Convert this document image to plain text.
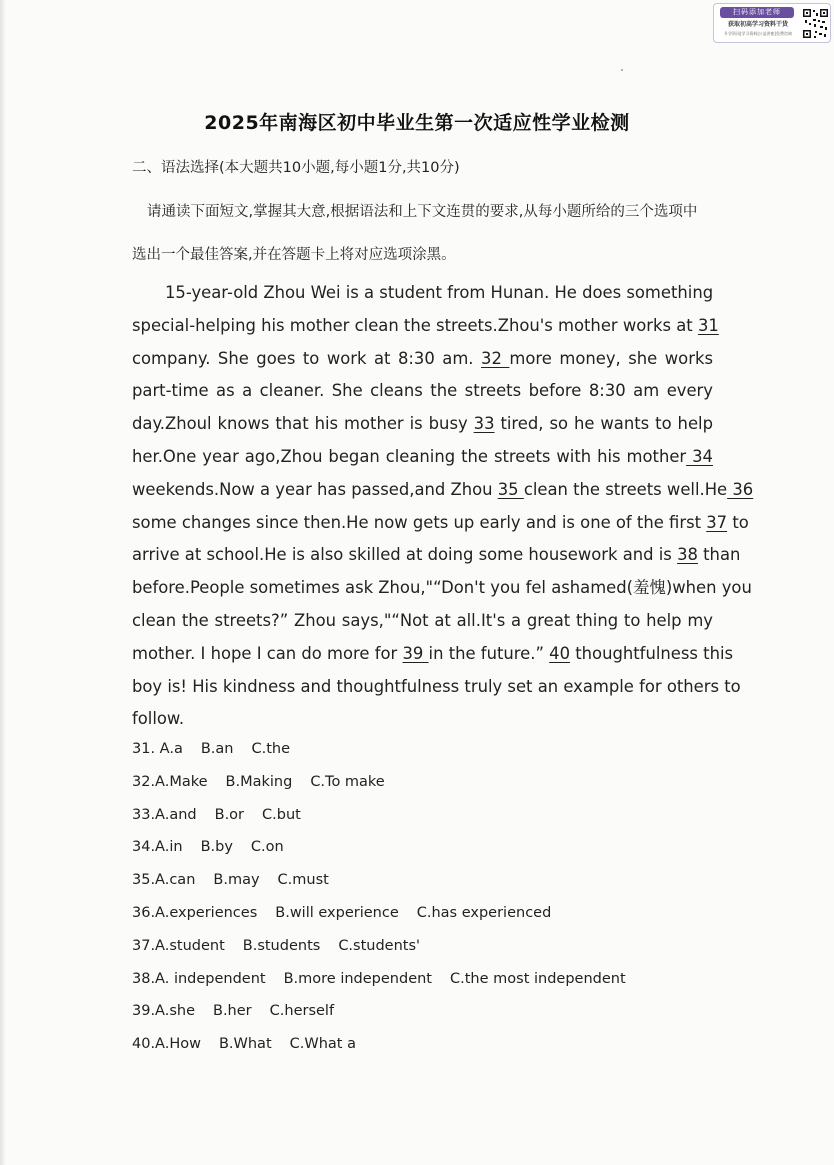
扫码添加老师
获取初高学习资料干货
升学资讯|学习资料|公益讲座|免费咨询
2025年南海区初中毕业生第一次适应性学业检测
二、语法选择(本大题共10小题,每小题1分,共10分)
请通读下面短文,掌握其大意,根据语法和上下文连贯的要求,从每小题所给的三个选项中
选出一个最佳答案,并在答题卡上将对应选项涂黑。
15-year-old Zhou Wei is a student from Hunan. He does something
special-helping his mother clean the streets.Zhou's mother works at 31
company. She goes to work at 8:30 am. 32 more money, she works
part-time as a cleaner. She cleans the streets before 8:30 am every
day.Zhoul knows that his mother is busy 33 tired, so he wants to help
her.One year ago,Zhou began cleaning the streets with his mother 34
weekends.Now a year has passed,and Zhou 35 clean the streets well.He 36
some changes since then.He now gets up early and is one of the first 37 to
arrive at school.He is also skilled at doing some housework and is 38 than
before.People sometimes ask Zhou,"“Don't you fel ashamed(羞愧)when you
clean the streets?” Zhou says,"“Not at all.It's a great thing to help my
mother. I hope I can do more for 39 in the future.” 40 thoughtfulness this
boy is! His kindness and thoughtfulness truly set an example for others to
follow.
31. A.a B.an C.the
32.A.Make B.Making C.To make
33.A.and B.or C.but
34.A.in B.by C.on
35.A.can B.may C.must
36.A.experiences B.will experience C.has experienced
37.A.student B.students C.students'
38.A. independent B.more independent C.the most independent
39.A.she B.her C.herself
40.A.How B.What C.What a
